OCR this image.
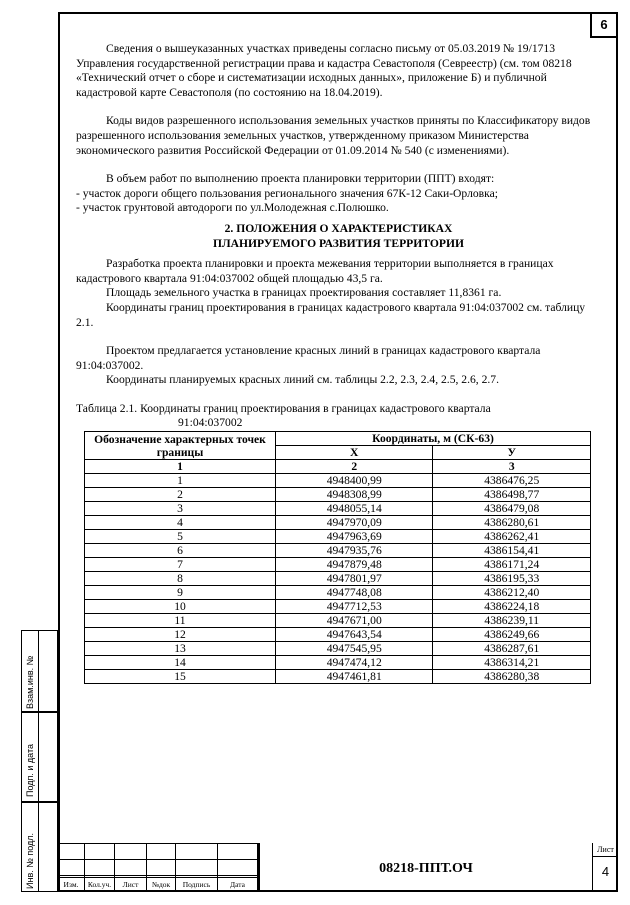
6

Сведения о вышеуказанных участках приведены согласно письму от 05.03.2019 № 19/1713 Управления государственной регистрации права и кадастра Севастополя (Севреестр) (см. том 08218 «Технический отчет о сборе и систематизации исходных данных», приложение Б) и публичной кадастровой карте Севастополя (по состоянию на 18.04.2019).

Коды видов разрешенного использования земельных участков приняты по Классификатору видов разрешенного использования земельных участков, утвержденному приказом Министерства экономического развития Российской Федерации от 01.09.2014 № 540 (с изменениями).

В объем работ по выполнению проекта планировки территории (ППТ) входят:

- участок дороги общего пользования регионального значения 67К-12 Саки-Орловка;

- участок грунтовой автодороги по ул.Молодежная с.Полюшко.

2. ПОЛОЖЕНИЯ О ХАРАКТЕРИСТИКАХ
ПЛАНИРУЕМОГО РАЗВИТИЯ ТЕРРИТОРИИ

Разработка проекта планировки и проекта межевания территории выполняется в границах кадастрового квартала 91:04:037002 общей площадью 43,5 га.

Площадь земельного участка в границах проектирования составляет 11,8361 га.

Координаты границ проектирования в границах кадастрового квартала 91:04:037002 см. таблицу 2.1.

Проектом предлагается установление красных линий в границах кадастрового квартала 91:04:037002.

Координаты планируемых красных линий см. таблицы 2.2, 2.3, 2.4, 2.5, 2.6, 2.7.

Таблица 2.1. Координаты границ проектирования в границах кадастрового квартала
91:04:037002
Обозначение характерных точек границы	Координаты, м (СК-63)	
	X	У
1	2	3
1	4948400,99	4386476,25
2	4948308,99	4386498,77
3	4948055,14	4386479,08
4	4947970,09	4386280,61
5	4947963,69	4386262,41
6	4947935,76	4386154,41
7	4947879,48	4386171,24
8	4947801,97	4386195,33
9	4947748,08	4386212,40
10	4947712,53	4386224,18
11	4947671,00	4386239,11
12	4947643,54	4386249,66
13	4947545,95	4386287,61
14	4947474,12	4386314,21
15	4947461,81	4386280,38
Взам.инв. №
Подп. и дата
Инв. № подл.	Изм.	Кол.уч.	Лист	№док	Подпись	Дата
08218-ППТ.ОЧ
Лист
4
